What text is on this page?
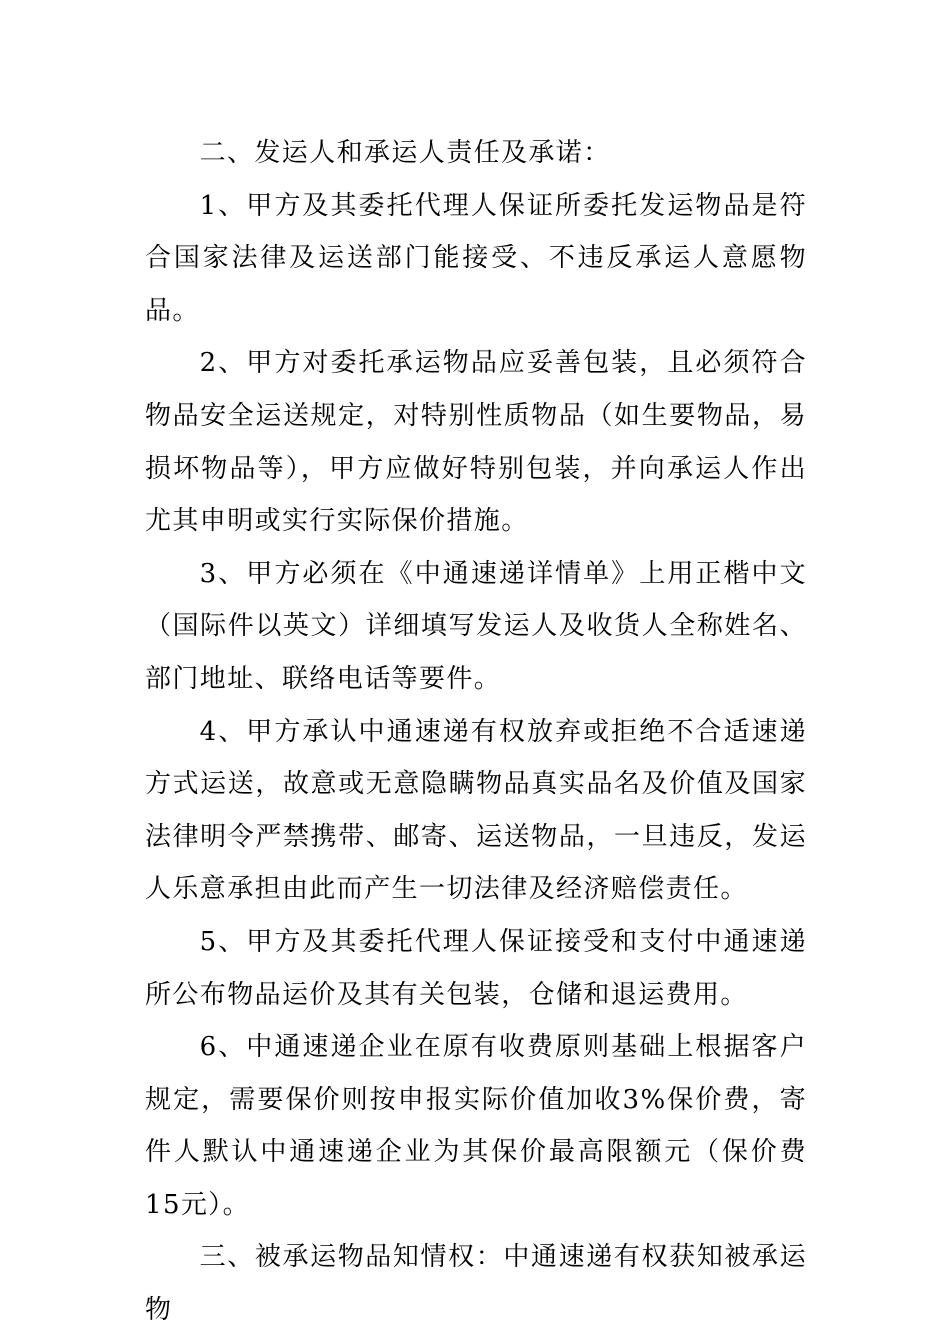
二、发运人和承运人责任及承诺：

1、甲方及其委托代理人保证所委托发运物品是符合国家法律及运送部门能接受、不违反承运人意愿物品。

2、甲方对委托承运物品应妥善包装，且必须符合物品安全运送规定，对特别性质物品（如生要物品，易损坏物品等），甲方应做好特别包装，并向承运人作出尤其申明或实行实际保价措施。

3、甲方必须在《中通速递详情单》上用正楷中文（国际件以英文）详细填写发运人及收货人全称姓名、部门地址、联络电话等要件。

4、甲方承认中通速递有权放弃或拒绝不合适速递方式运送，故意或无意隐瞒物品真实品名及价值及国家法律明令严禁携带、邮寄、运送物品，一旦违反，发运人乐意承担由此而产生一切法律及经济赔偿责任。

5、甲方及其委托代理人保证接受和支付中通速递所公布物品运价及其有关包装，仓储和退运费用。

6、中通速递企业在原有收费原则基础上根据客户规定，需要保价则按申报实际价值加收3%保价费，寄件人默认中通速递企业为其保价最高限额元（保价费15元）。

三、被承运物品知情权：中通速递有权获知被承运物
